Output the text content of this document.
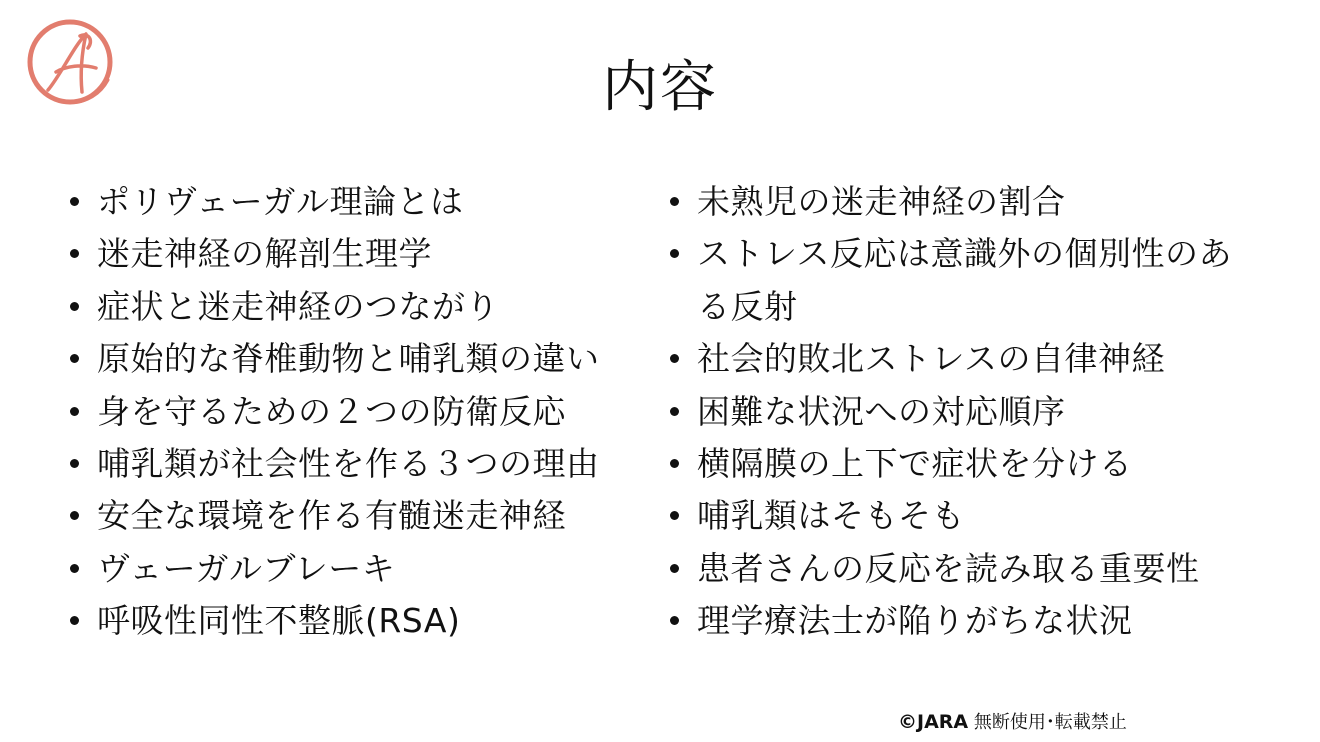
内容
ポリヴェーガル理論とは
迷走神経の解剖生理学
症状と迷走神経のつながり
原始的な脊椎動物と哺乳類の違い
身を守るための２つの防衛反応
哺乳類が社会性を作る３つの理由
安全な環境を作る有髄迷走神経
ヴェーガルブレーキ
呼吸性同性不整脈(RSA)
未熟児の迷走神経の割合
ストレス反応は意識外の個別性のある反射
社会的敗北ストレスの自律神経
困難な状況への対応順序
横隔膜の上下で症状を分ける
哺乳類はそもそも
患者さんの反応を読み取る重要性
理学療法士が陥りがちな状況
©JARA 無断使用･転載禁止
